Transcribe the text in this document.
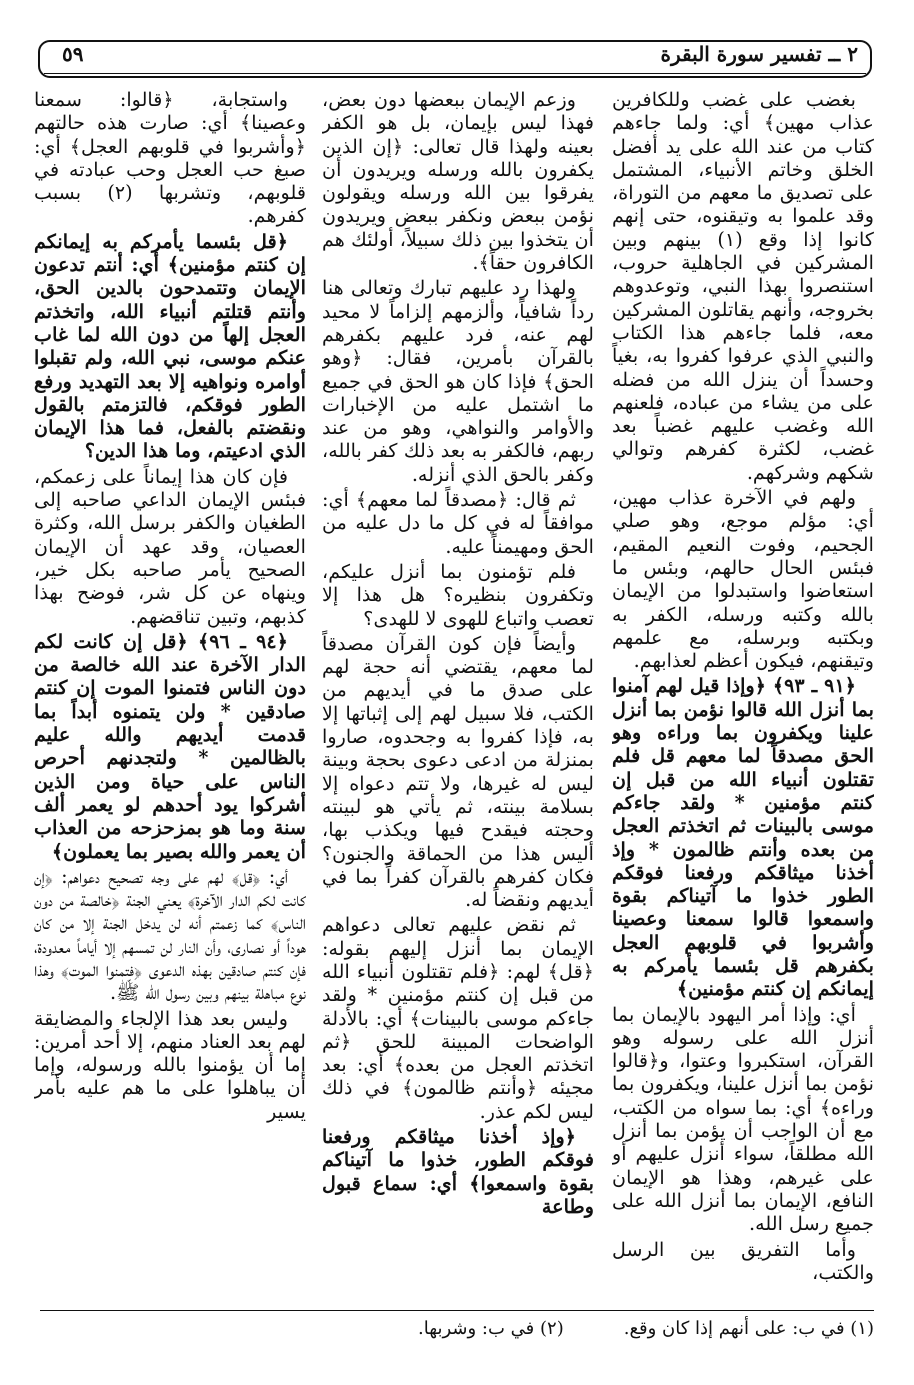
٥٩	٢ ــ تفسير سورة البقرة

بغضب على غضب وللكافرين عذاب مهين﴾ أي: ولما جاءهم كتاب من عند الله على يد أفضل الخلق وخاتم الأنبياء، المشتمل على تصديق ما معهم من التوراة، وقد علموا به وتيقنوه، حتى إنهم كانوا إذا وقع (١) بينهم وبين المشركين في الجاهلية حروب، استنصروا بهذا النبي، وتوعدوهم بخروجه، وأنهم يقاتلون المشركين معه، فلما جاءهم هذا الكتاب والنبي الذي عرفوا كفروا به، بغياً وحسداً أن ينزل الله من فضله على من يشاء من عباده، فلعنهم الله وغضب عليهم غضباً بعد غضب، لكثرة كفرهم وتوالي شكهم وشركهم.

ولهم في الآخرة عذاب مهين، أي: مؤلم موجع، وهو صلي الجحيم، وفوت النعيم المقيم، فبئس الحال حالهم، وبئس ما استعاضوا واستبدلوا من الإيمان بالله وكتبه ورسله، الكفر به وبكتبه وبرسله، مع علمهم وتيقنهم، فيكون أعظم لعذابهم.

﴿٩١ ـ ٩٣﴾ ﴿وإذا قيل لهم آمنوا بما أنزل الله قالوا نؤمن بما أنزل علينا ويكفرون بما وراءه وهو الحق مصدقاً لما معهم قل فلم تقتلون أنبياء الله من قبل إن كنتم مؤمنين * ولقد جاءكم موسى بالبينات ثم اتخذتم العجل من بعده وأنتم ظالمون * وإذ أخذنا ميثاقكم ورفعنا فوقكم الطور خذوا ما آتيناكم بقوة واسمعوا قالوا سمعنا وعصينا وأشربوا في قلوبهم العجل بكفرهم قل بئسما يأمركم به إيمانكم إن كنتم مؤمنين﴾

أي: وإذا أمر اليهود بالإيمان بما أنزل الله على رسوله وهو القرآن، استكبروا وعتوا، و﴿قالوا نؤمن بما أنزل علينا، ويكفرون بما وراءه﴾ أي: بما سواه من الكتب، مع أن الواجب أن يؤمن بما أنزل الله مطلقاً، سواء أنزل عليهم أو على غيرهم، وهذا هو الإيمان النافع، الإيمان بما أنزل الله على جميع رسل الله.

وأما التفريق بين الرسل والكتب،

وزعم الإيمان ببعضها دون بعض، فهذا ليس بإيمان، بل هو الكفر بعينه ولهذا قال تعالى: ﴿إن الذين يكفرون بالله ورسله ويريدون أن يفرقوا بين الله ورسله ويقولون نؤمن ببعض ونكفر ببعض ويريدون أن يتخذوا بين ذلك سبيلاً، أولئك هم الكافرون حقاً﴾.

ولهذا رد عليهم تبارك وتعالى هنا رداً شافياً، وألزمهم إلزاماً لا محيد لهم عنه، فرد عليهم بكفرهم بالقرآن بأمرين، فقال: ﴿وهو الحق﴾ فإذا كان هو الحق في جميع ما اشتمل عليه من الإخبارات والأوامر والنواهي، وهو من عند ربهم، فالكفر به بعد ذلك كفر بالله، وكفر بالحق الذي أنزله.

ثم قال: ﴿مصدقاً لما معهم﴾ أي: موافقاً له في كل ما دل عليه من الحق ومهيمناً عليه.

فلم تؤمنون بما أنزل عليكم، وتكفرون بنظيره؟ هل هذا إلا تعصب واتباع للهوى لا للهدى؟

وأيضاً فإن كون القرآن مصدقاً لما معهم، يقتضي أنه حجة لهم على صدق ما في أيديهم من الكتب، فلا سبيل لهم إلى إثباتها إلا به، فإذا كفروا به وجحدوه، صاروا بمنزلة من ادعى دعوى بحجة وبينة ليس له غيرها، ولا تتم دعواه إلا بسلامة بينته، ثم يأتي هو لبينته وحجته فيقدح فيها ويكذب بها، أليس هذا من الحماقة والجنون؟ فكان كفرهم بالقرآن كفراً بما في أيديهم ونقضاً له.

ثم نقض عليهم تعالى دعواهم الإيمان بما أنزل إليهم بقوله: ﴿قل﴾ لهم: ﴿فلم تقتلون أنبياء الله من قبل إن كنتم مؤمنين * ولقد جاءكم موسى بالبينات﴾ أي: بالأدلة الواضحات المبينة للحق ﴿ثم اتخذتم العجل من بعده﴾ أي: بعد مجيئه ﴿وأنتم ظالمون﴾ في ذلك ليس لكم عذر.

﴿وإذ أخذنا ميثاقكم ورفعنا فوقكم الطور، خذوا ما آتيناكم بقوة واسمعوا﴾ أي: سماع قبول وطاعة

واستجابة، ﴿قالوا: سمعنا وعصينا﴾ أي: صارت هذه حالتهم ﴿وأشربوا في قلوبهم العجل﴾ أي: صبغ حب العجل وحب عبادته في قلوبهم، وتشربها (٢) بسبب كفرهم.

﴿قل بئسما يأمركم به إيمانكم إن كنتم مؤمنين﴾ أي: أنتم تدعون الإيمان وتتمدحون بالدين الحق، وأنتم قتلتم أنبياء الله، واتخذتم العجل إلهاً من دون الله لما غاب عنكم موسى، نبي الله، ولم تقبلوا أوامره ونواهيه إلا بعد التهديد ورفع الطور فوقكم، فالتزمتم بالقول ونقضتم بالفعل، فما هذا الإيمان الذي ادعيتم، وما هذا الدين؟

فإن كان هذا إيماناً على زعمكم، فبئس الإيمان الداعي صاحبه إلى الطغيان والكفر برسل الله، وكثرة العصيان، وقد عهد أن الإيمان الصحيح يأمر صاحبه بكل خير، وينهاه عن كل شر، فوضح بهذا كذبهم، وتبين تناقضهم.

﴿٩٤ ـ ٩٦﴾ ﴿قل إن كانت لكم الدار الآخرة عند الله خالصة من دون الناس فتمنوا الموت إن كنتم صادقين * ولن يتمنوه أبداً بما قدمت أيديهم والله عليم بالظالمين * ولتجدنهم أحرص الناس على حياة ومن الذين أشركوا يود أحدهم لو يعمر ألف سنة وما هو بمزحزحه من العذاب أن يعمر والله بصير بما يعملون﴾

أي: ﴿قل﴾ لهم على وجه تصحيح دعواهم: ﴿إن كانت لكم الدار الآخرة﴾ يعني الجنة ﴿خالصة من دون الناس﴾ كما زعمتم أنه لن يدخل الجنة إلا من كان هوداً أو نصارى، وأن النار لن تمسهم إلا أياماً معدودة، فإن كنتم صادقين بهذه الدعوى ﴿فتمنوا الموت﴾ وهذا نوع مباهلة بينهم وبين رسول الله ﷺ.

وليس بعد هذا الإلجاء والمضايقة لهم بعد العناد منهم، إلا أحد أمرين: إما أن يؤمنوا بالله ورسوله، وإما أن يباهلوا على ما هم عليه بأمر يسير

(١) في ب: على أنهم إذا كان وقع.
(٢) في ب: وشربها.
